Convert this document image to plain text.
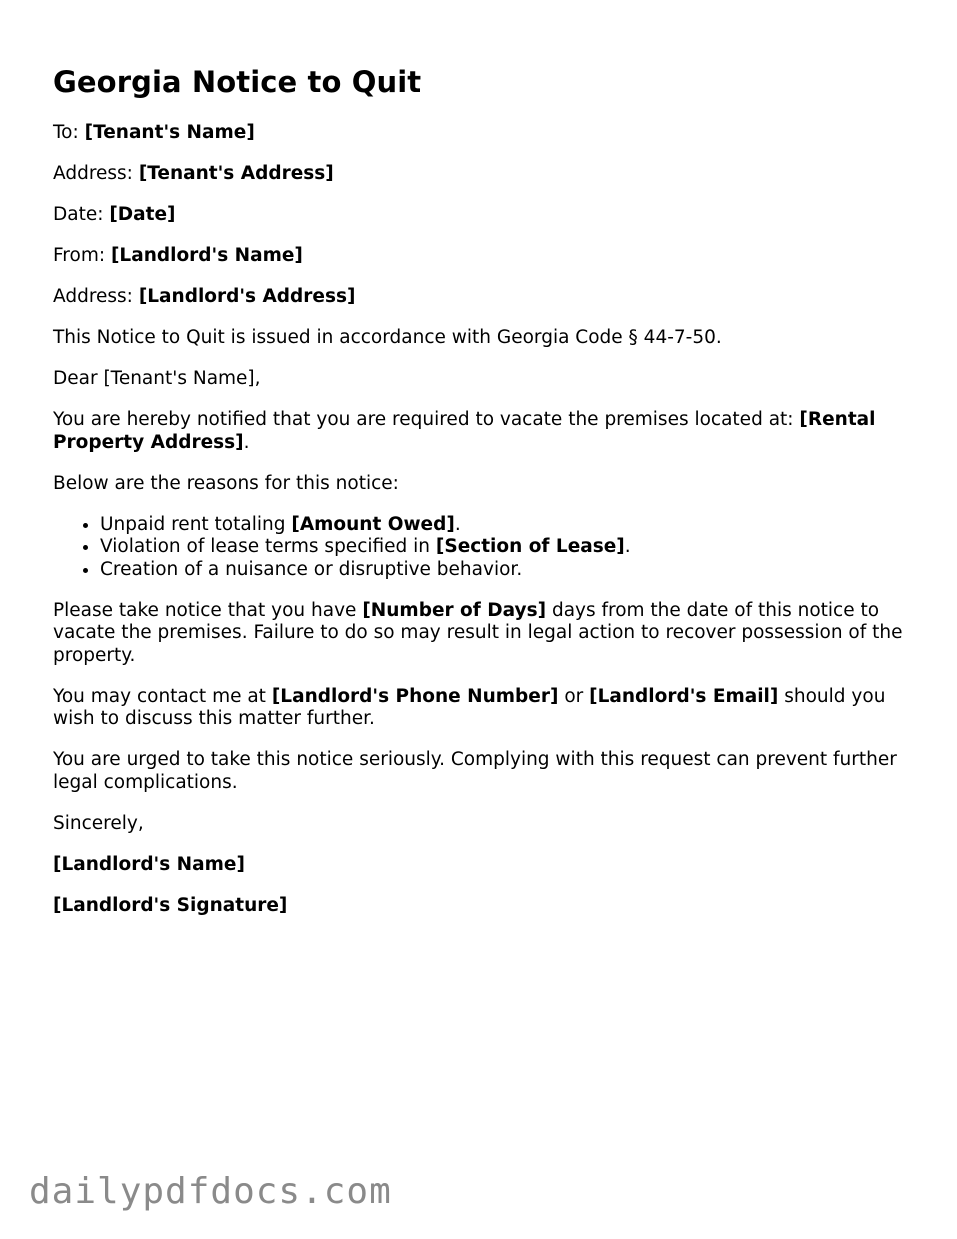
Georgia Notice to Quit

To: [Tenant's Name]

Address: [Tenant's Address]

Date: [Date]

From: [Landlord's Name]

Address: [Landlord's Address]

This Notice to Quit is issued in accordance with Georgia Code § 44-7-50.

Dear [Tenant's Name],

You are hereby notified that you are required to vacate the premises located at: [Rental Property Address].

Below are the reasons for this notice:

• Unpaid rent totaling [Amount Owed].
• Violation of lease terms specified in [Section of Lease].
• Creation of a nuisance or disruptive behavior.

Please take notice that you have [Number of Days] days from the date of this notice to vacate the premises. Failure to do so may result in legal action to recover possession of the property.

You may contact me at [Landlord's Phone Number] or [Landlord's Email] should you wish to discuss this matter further.

You are urged to take this notice seriously. Complying with this request can prevent further legal complications.

Sincerely,

[Landlord's Name]

[Landlord's Signature]

dailypdfdocs.com
